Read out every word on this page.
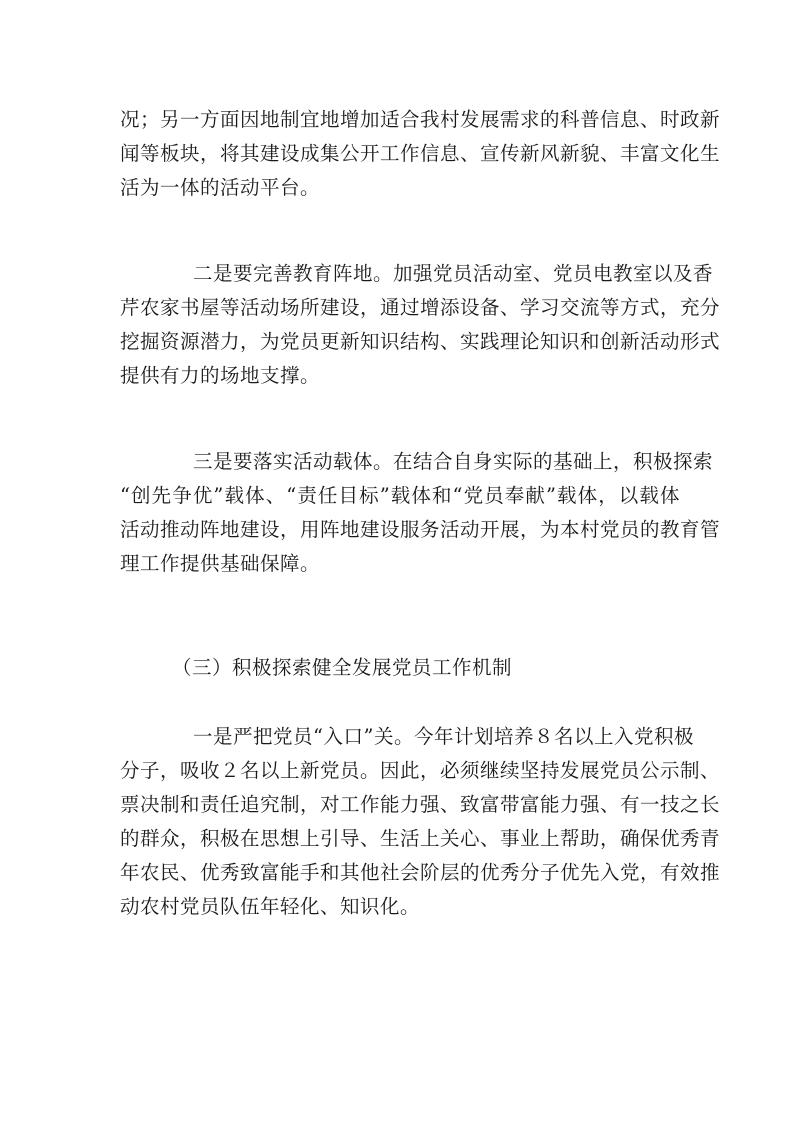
况；另一方面因地制宜地增加适合我村发展需求的科普信息、时政新
闻等板块，将其建设成集公开工作信息、宣传新风新貌、丰富文化生
活为一体的活动平台。
二是要完善教育阵地。加强党员活动室、党员电教室以及香
芹农家书屋等活动场所建设，通过增添设备、学习交流等方式，充分
挖掘资源潜力，为党员更新知识结构、实践理论知识和创新活动形式
提供有力的场地支撑。
三是要落实活动载体。在结合自身实际的基础上，积极探索
“创先争优”载体、“责任目标”载体和“党员奉献”载体，以载体
活动推动阵地建设，用阵地建设服务活动开展，为本村党员的教育管
理工作提供基础保障。
（三）积极探索健全发展党员工作机制
一是严把党员“入口”关。今年计划培养８名以上入党积极
分子，吸收２名以上新党员。因此，必须继续坚持发展党员公示制、
票决制和责任追究制，对工作能力强、致富带富能力强、有一技之长
的群众，积极在思想上引导、生活上关心、事业上帮助，确保优秀青
年农民、优秀致富能手和其他社会阶层的优秀分子优先入党，有效推
动农村党员队伍年轻化、知识化。
